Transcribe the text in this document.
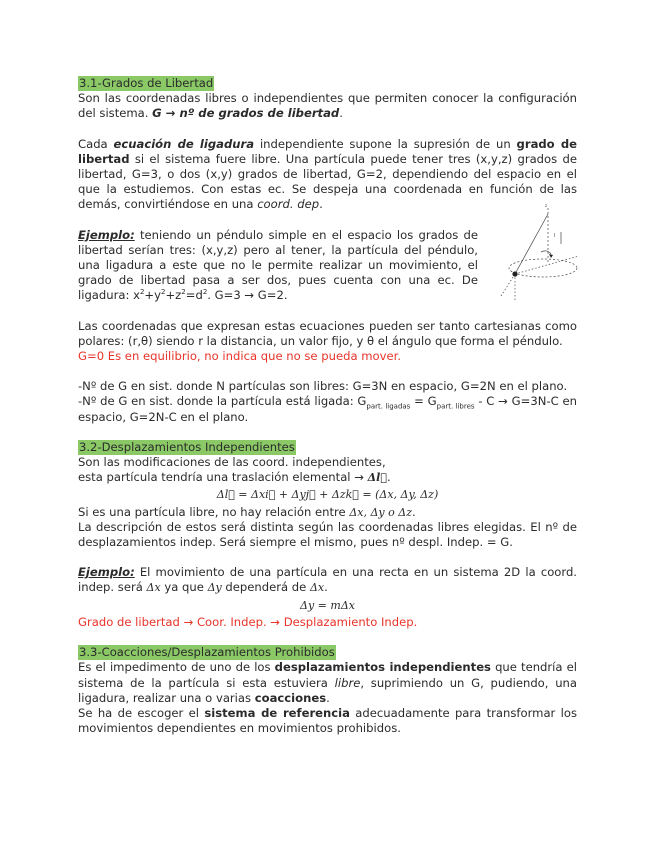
3.1-Grados de Libertad

Son las coordenadas libres o independientes que permiten conocer la configuración del sistema. G → nº de grados de libertad.

Cada ecuación de ligadura independiente supone la supresión de un grado de libertad si el sistema fuere libre. Una partícula puede tener tres (x,y,z) grados de libertad, G=3, o dos (x,y) grados de libertad, G=2, dependiendo del espacio en el que la estudiemos. Con estas ec. Se despeja una coordenada en función de las demás, convirtiéndose en una coord. dep.

Ejemplo: teniendo un péndulo simple en el espacio los grados de libertad serían tres: (x,y,z) pero al tener, la partícula del péndulo, una ligadura a este que no le permite realizar un movimiento, el grado de libertad pasa a ser dos, pues cuenta con una ec. De ligadura: $x^2+y^2+z^2=d^2$. G=3 → G=2.

l
z

Las coordenadas que expresan estas ecuaciones pueden ser tanto cartesianas como polares: (r,θ) siendo r la distancia, un valor fijo, y θ el ángulo que forma el péndulo.

G=0 Es en equilibrio, no indica que no se pueda mover.

-Nº de G en sist. donde N partículas son libres: G=3N en espacio, G=2N en el plano.

-Nº de G en sist. donde la partícula está ligada: $G_{part. ligadas} = G_{part. libres} - C \to G=3N-C$ en espacio, G=2N-C en el plano.

3.2-Desplazamientos Independientes

Son las modificaciones de las coord. independientes,

esta partícula tendría una traslación elemental → Δl⃗.

Δl⃗ = Δxi⃗ + Δyj⃗ + Δzk⃗ = (Δx, Δy, Δz)

Si es una partícula libre, no hay relación entre Δx, Δy o Δz.

La descripción de estos será distinta según las coordenadas libres elegidas. El nº de desplazamientos indep. Será siempre el mismo, pues nº despl. Indep. = G.

Ejemplo: El movimiento de una partícula en una recta en un sistema 2D la coord. indep. será Δx ya que Δy dependerá de Δx.

Δy = mΔx

Grado de libertad → Coor. Indep. → Desplazamiento Indep.

3.3-Coacciones/Desplazamientos Prohibidos

Es el impedimento de uno de los desplazamientos independientes que tendría el sistema de la partícula si esta estuviera libre, suprimiendo un G, pudiendo, una ligadura, realizar una o varias coacciones.

Se ha de escoger el sistema de referencia adecuadamente para transformar los movimientos dependientes en movimientos prohibidos.
